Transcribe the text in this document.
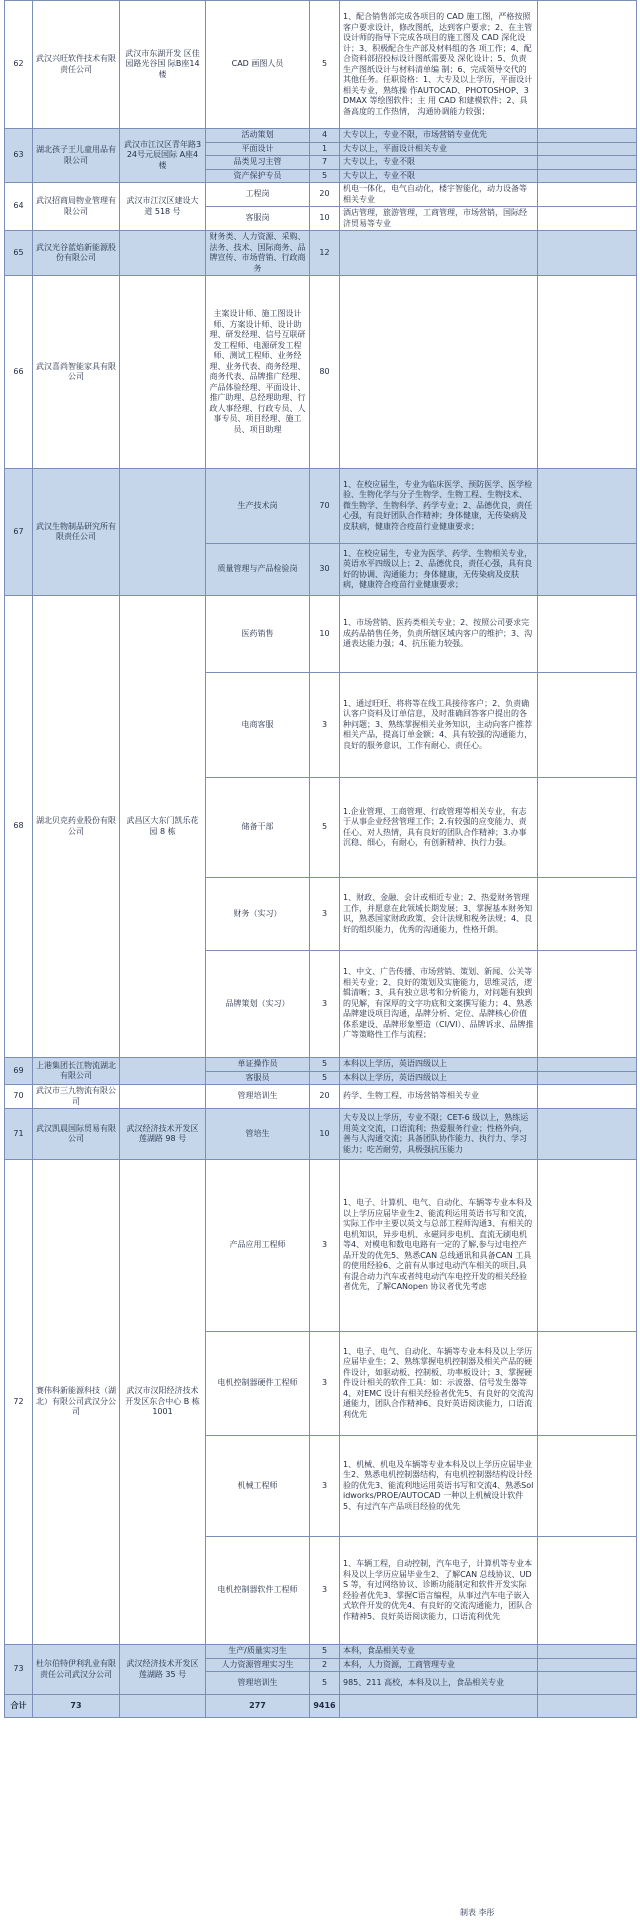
62	武汉兴旺软件技术有限责任公司	武汉市东湖开发 区佳园路光谷国 际B座14楼	CAD 画图人员	5	1、配合销售部完成各项目的 CAD 施工图，严格按照客户要求设计，修改图纸，达到客户要求；2、在主管设计师的指导下完成各项目的施工图及 CAD 深化设计；3、积极配合生产部及材料组的各 项工作；4、配合资料部招投标设计图纸需要及 深化设计；5、负责生产图纸设计与材料清单编 制；6、完成领导交代的其他任务。任职资格：1、大专及以上学历，平面设计相关专业，熟练操 作AUTOCAD、PHOTOSHOP、3DMAX 等绘图软件；主 用 CAD 和建模软件；2、具备高度的工作热情， 沟通协调能力较强；	
63	湖北孩子王儿童用品有限公司	武汉市江汉区青年路324号元辰国际 A座4楼	活动策划	4	大专以上，专业不限，市场营销专业优先	
			平面设计	1	大专以上，平面设计相关专业	
			品类见习主管	7	大专以上，专业不限	
			资产保护专员	5	大专以上，专业不限	
64	武汉招商局物业管理有限公司	武汉市江汉区建设大道 518 号	工程岗	20	机电一体化，电气自动化，楼宇智能化，动力设备等相关专业	
			客服岗	10	酒店管理，旅游管理，工商管理，市场营销，国际经济贸易等专业	
65	武汉光谷蓝焰新能源股份有限公司		财务类、人力资源、采购、法务、技术、国际商务、品牌宣传、市场营销、行政商务	12		
66	武汉喜尚智能家具有限公司		主案设计师、施工图设计师、方案设计师、设计助理、研发经理、信号互联研发工程师、电源研发工程师、测试工程师、业务经理、业务代表、商务经理、商务代表、品牌推广经理、产品体验经理、平面设计、推广助理、总经理助理、行政人事经理、行政专员、人事专员、项目经理、施工员、项目助理	80		
67	武汉生物制品研究所有限责任公司		生产技术岗	70	1、在校应届生，专业为临床医学、预防医学、医学检验、生物化学与分子生物学、生物工程、生物技术、微生物学、生物科学、药学专业；2、品德优良，责任心强，有良好团队合作精神；身体健康，无传染病及皮肤病，健康符合疫苗行业健康要求；	
			质量管理与产品检验岗	30	1、在校应届生，专业为医学、药学、生物相关专业，英语水平四级以上；2、品德优良，责任心强，具有良好的协调、沟通能力；身体健康，无传染病及皮肤病，健康符合疫苗行业健康要求；	
68	湖北贝克药业股份有限公司	武昌区大东门凯乐花园 8 栋	医药销售	10	1、市场营销、医药类相关专业；2、按照公司要求完成药品销售任务，负责所辖区域内客户的维护；3、沟通表达能力强；4、抗压能力较强。	
			电商客服	3	1、通过旺旺、将将等在线工具接待客户；2、负责确认客户资料及订单信息，及时准确回答客户提出的各种问题；3、熟练掌握相关业务知识，主动向客户推荐相关产品，提高订单金额；4、具有较强的沟通能力，良好的服务意识，工作有耐心、责任心。	
			储备干部	5	1.企业管理、工商管理、行政管理等相关专业，有志于从事企业经营管理工作；2.有较强的应变能力、责任心、对人热情，具有良好的团队合作精神；3.办事沉稳、细心，有耐心，有创新精神、执行力强。	
			财务（实习）	3	1、财政、金融、会计或相近专业；2、热爱财务管理工作，并愿意在此领域长期发展；3、掌握基本财务知识，熟悉国家财政政策、会计法规和税务法规；4、良好的组织能力，优秀的沟通能力，性格开朗。	
			品牌策划（实习）	3	1、中文、广告传播、市场营销、策划、新闻、公关等相关专业；2、良好的策划及实施能力，思维灵活，逻辑清晰；3、具有独立思考和分析能力，对问题有独到的见解，有深厚的文字功底和文案撰写能力；4、熟悉品牌建设项目沟通，品牌分析、定位、品牌核心价值体系建设、品牌形象塑造（CI/VI）、品牌诉求、品牌推广等策略性工作与流程；	
69	上港集团长江物流湖北有限公司		单证操作员	5	本科以上学历，英语四级以上	
			客服员	5	本科以上学历，英语四级以上	
70	武汉市三九物流有限公司		管理培训生	20	药学、生物工程、市场营销等相关专业	
71	武汉凯晨国际贸易有限公司	武汉经济技术开发区莲湖路 98 号	管培生	10	大专及以上学历，专业不限；CET-6 级以上，熟练运用英文交流，口语流利；热爱服务行业；性格外向，善与人沟通交流；具备团队协作能力、执行力、学习能力；吃苦耐劳，具极强抗压能力	
72	赛伟科新能源科技（湖北）有限公司武汉分公司	武汉市汉阳经济技术开发区东合中心 B 栋1001	产品应用工程师	3	1、电子、计算机、电气、自动化、车辆等专业本科及以上学历应届毕业生2、能流利运用英语书写和交流，实际工作中主要以英文与总部工程师沟通3、有相关的电机知识，异步电机、永磁同步电机、直流无刷电机等4、对模电和数电电路有一定的了解,参与过电控产品开发的优先5、熟悉CAN 总线通讯和具备CAN 工具的使用经验6、之前有从事过电动汽车相关的项目,具有混合动力汽车或者纯电动汽车电控开发的相关经验者优先，了解CANopen 协议者优先考虑	
			电机控制器硬件工程师	3	1、电子、电气、自动化、车辆等专业本科及以上学历应届毕业生；2、熟练掌握电机控制器及相关产品的硬件设计，如驱动板、控制板、功率板设计；3、掌握硬件设计相关的软件工具：如：示波器、信号发生器等4、对EMC 设计有相关经验者优先5、有良好的交流沟通能力，团队合作精神6、良好英语阅读能力，口语流利优先	
			机械工程师	3	1、机械、机电及车辆等专业本科及以上学历应届毕业生2、熟悉电机控制器结构，有电机控制器结构设计经验的优先3、能流利地运用英语书写和交流4、熟悉Solidworks/PROE/AUTOCAD 一种以上机械设计软件5、有过汽车产品项目经验的优先	
			电机控制器软件工程师	3	1、车辆工程，自动控制，汽车电子，计算机等专业本科及以上学历应届毕业生2、了解CAN 总线协议、UDS 等，有过网络协议、诊断功能制定和软件开发实际经验者优先3、掌握C语言编程，从事过汽车电子嵌入式软件开发的优先4、有良好的交流沟通能力，团队合作精神5、良好英语阅读能力，口语流利优先	
73	杜尔伯特伊利乳业有限责任公司武汉分公司	武汉经济技术开发区莲湖路 35 号	生产/质量实习生	5	本科，食品相关专业	
			人力资源管理实习生	2	本科，人力资源，工商管理专业	
			管理培训生	5	985、211 高校，本科及以上，食品相关专业	
合计	73		277	9416		
制表 李彤
